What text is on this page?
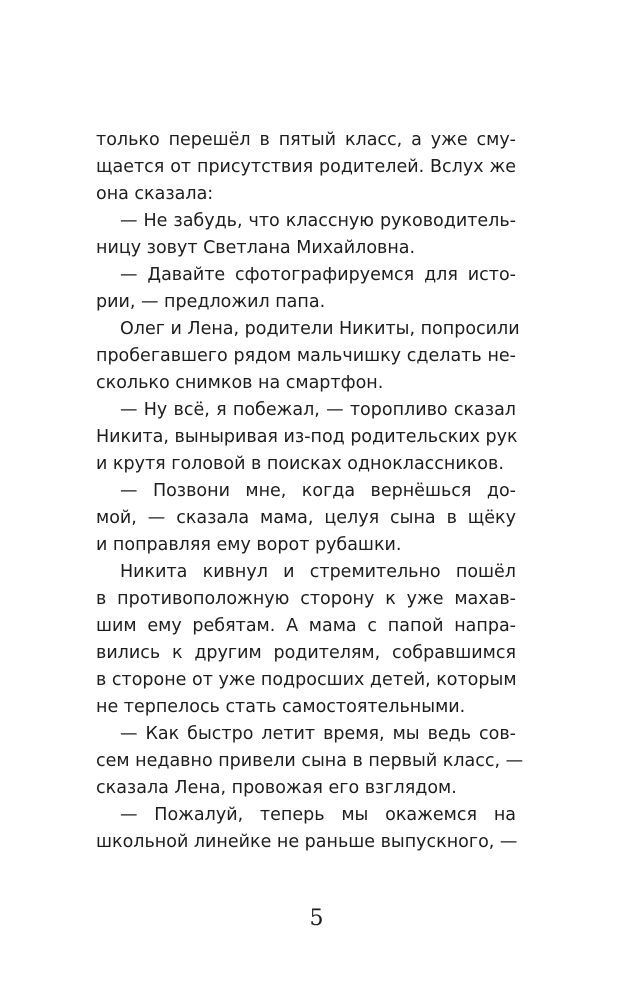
только перешёл в пятый класс, а уже сму-
щается от присутствия родителей. Вслух же
она сказала:
— Не забудь, что классную руководитель-
ницу зовут Светлана Михайловна.
— Давайте сфотографируемся для исто-
рии, — предложил папа.
Олег и Лена, родители Никиты, попросили
пробегавшего рядом мальчишку сделать не-
сколько снимков на смартфон.
— Ну всё, я побежал, — торопливо сказал
Никита, выныривая из-под родительских рук
и крутя головой в поисках одноклассников.
— Позвони мне, когда вернёшься до-
мой, — сказала мама, целуя сына в щёку
и поправляя ему ворот рубашки.
Никита кивнул и стремительно пошёл
в противоположную сторону к уже махав-
шим ему ребятам. А мама с папой напра-
вились к другим родителям, собравшимся
в стороне от уже подросших детей, которым
не терпелось стать самостоятельными.
— Как быстро летит время, мы ведь сов-
сем недавно привели сына в первый класс, —
сказала Лена, провожая его взглядом.
— Пожалуй, теперь мы окажемся на
школьной линейке не раньше выпускного, —
5
